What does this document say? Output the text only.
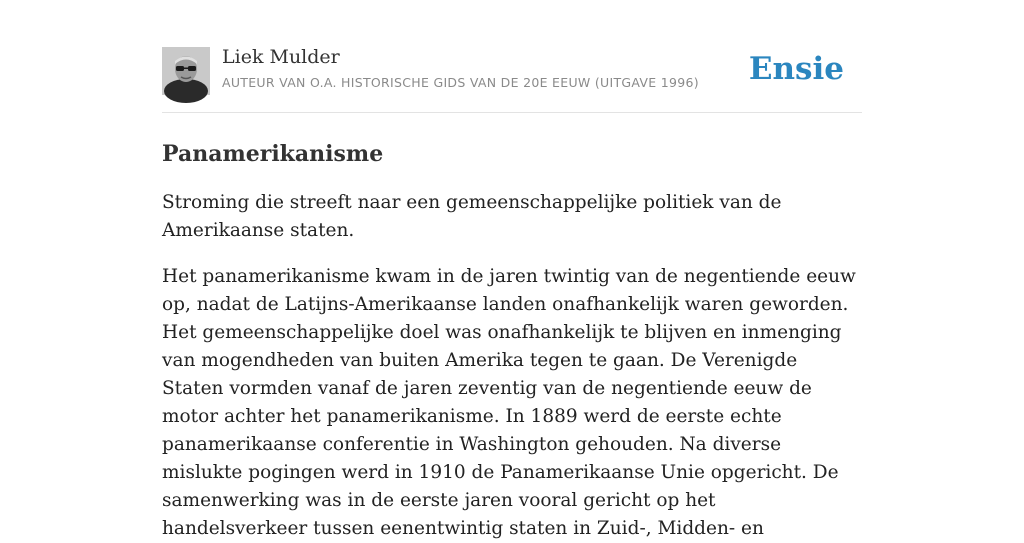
Liek Mulder
AUTEUR VAN O.A. HISTORISCHE GIDS VAN DE 20E EEUW (UITGAVE 1996) Ensie
Panamerikanisme

Stroming die streeft naar een gemeenschappelijke politiek van de Amerikaanse staten.

Het panamerikanisme kwam in de jaren twintig van de negentiende eeuw op, nadat de Latijns-Amerikaanse landen onafhankelijk waren geworden. Het gemeenschappelijke doel was onafhankelijk te blijven en inmenging van mogendheden van buiten Amerika tegen te gaan. De Verenigde Staten vormden vanaf de jaren zeventig van de negentiende eeuw de motor achter het panamerikanisme. In 1889 werd de eerste echte panamerikaanse conferentie in Washington gehouden. Na diverse mislukte pogingen werd in 1910 de Panamerikaanse Unie opgericht. De samenwerking was in de eerste jaren vooral gericht op het handelsverkeer tussen eenentwintig staten in Zuid-, Midden- en
